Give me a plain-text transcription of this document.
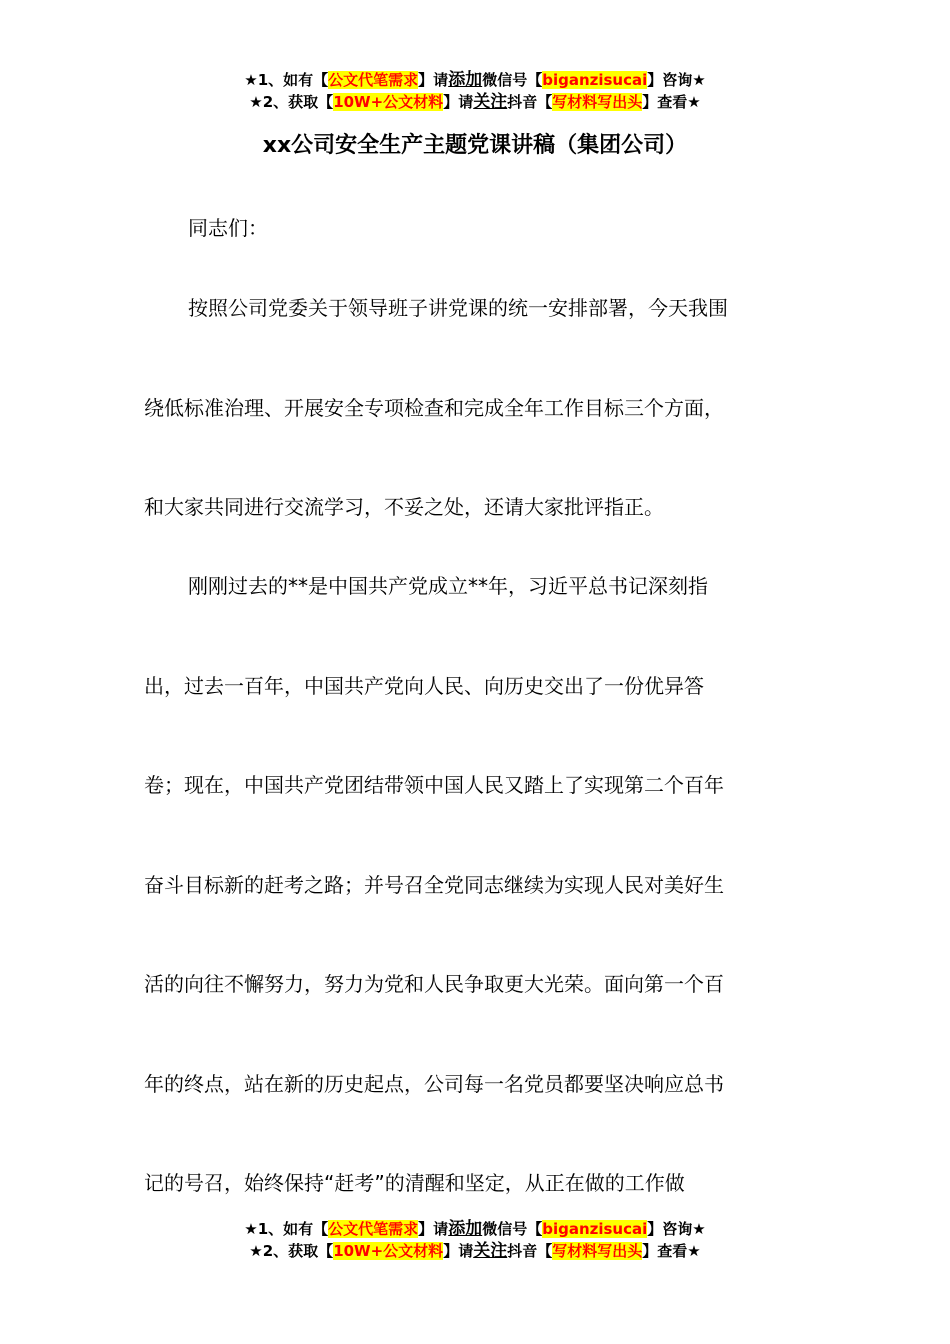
★1、如有【公文代笔需求】请添加微信号【biganzisucai】咨询★
★2、获取【10W+公文材料】请关注抖音【写材料写出头】查看★
xx公司安全生产主题党课讲稿（集团公司）
同志们：
按照公司党委关于领导班子讲党课的统一安排部署，今天我围
绕低标准治理、开展安全专项检查和完成全年工作目标三个方面，
和大家共同进行交流学习，不妥之处，还请大家批评指正。
刚刚过去的**是中国共产党成立**年，习近平总书记深刻指
出，过去一百年，中国共产党向人民、向历史交出了一份优异答
卷；现在，中国共产党团结带领中国人民又踏上了实现第二个百年
奋斗目标新的赶考之路；并号召全党同志继续为实现人民对美好生
活的向往不懈努力，努力为党和人民争取更大光荣。面向第一个百
年的终点，站在新的历史起点，公司每一名党员都要坚决响应总书
记的号召，始终保持“赶考”的清醒和坚定，从正在做的工作做
★1、如有【公文代笔需求】请添加微信号【biganzisucai】咨询★
★2、获取【10W+公文材料】请关注抖音【写材料写出头】查看★
